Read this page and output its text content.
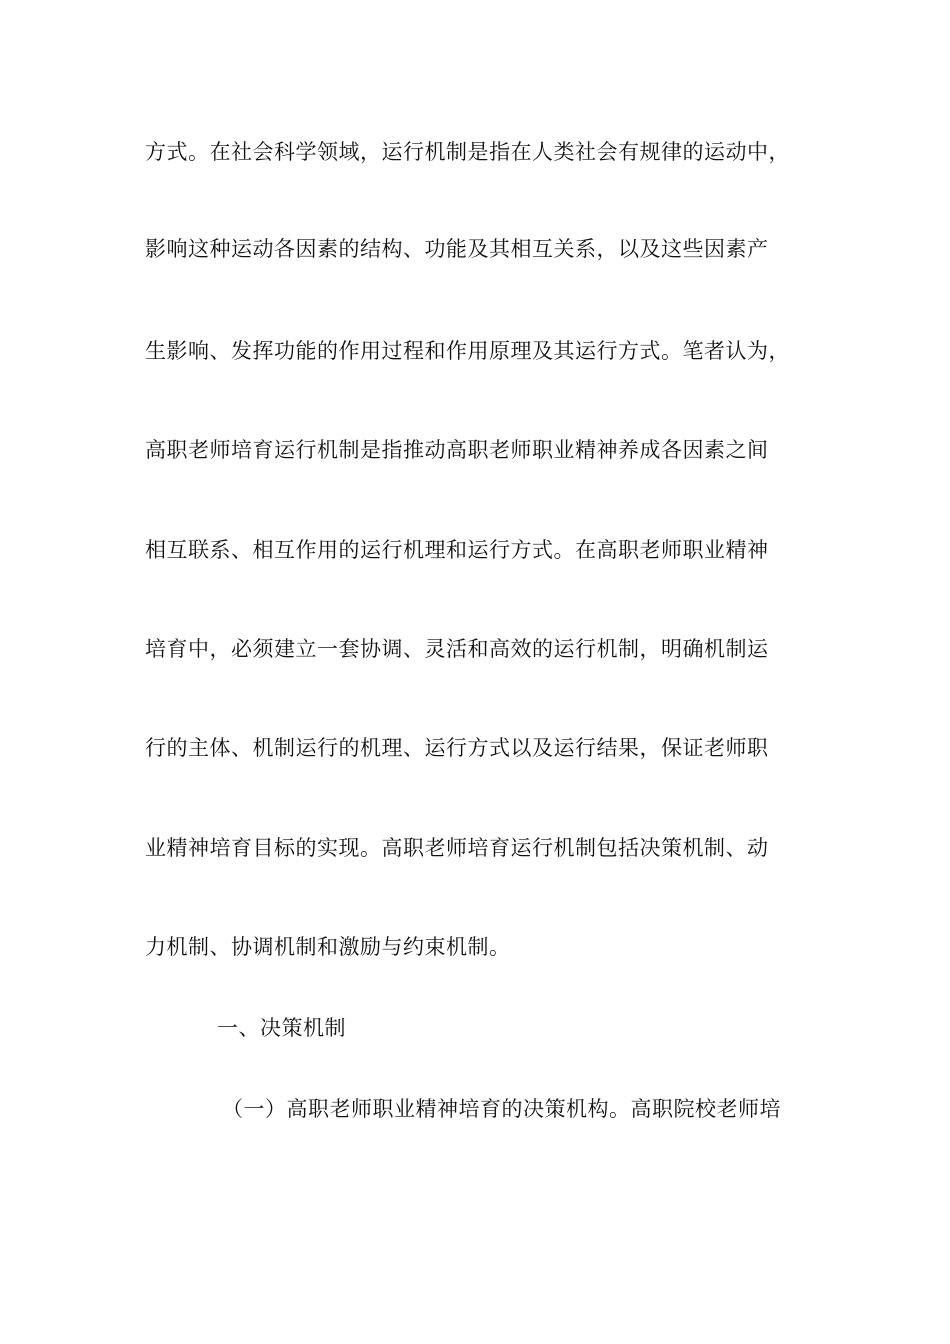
方式。在社会科学领域，运行机制是指在人类社会有规律的运动中，
影响这种运动各因素的结构、功能及其相互关系，以及这些因素产
生影响、发挥功能的作用过程和作用原理及其运行方式。笔者认为，
高职老师培育运行机制是指推动高职老师职业精神养成各因素之间
相互联系、相互作用的运行机理和运行方式。在高职老师职业精神
培育中，必须建立一套协调、灵活和高效的运行机制，明确机制运
行的主体、机制运行的机理、运行方式以及运行结果，保证老师职
业精神培育目标的实现。高职老师培育运行机制包括决策机制、动
力机制、协调机制和激励与约束机制。
一、决策机制
（一）高职老师职业精神培育的决策机构。高职院校老师培
